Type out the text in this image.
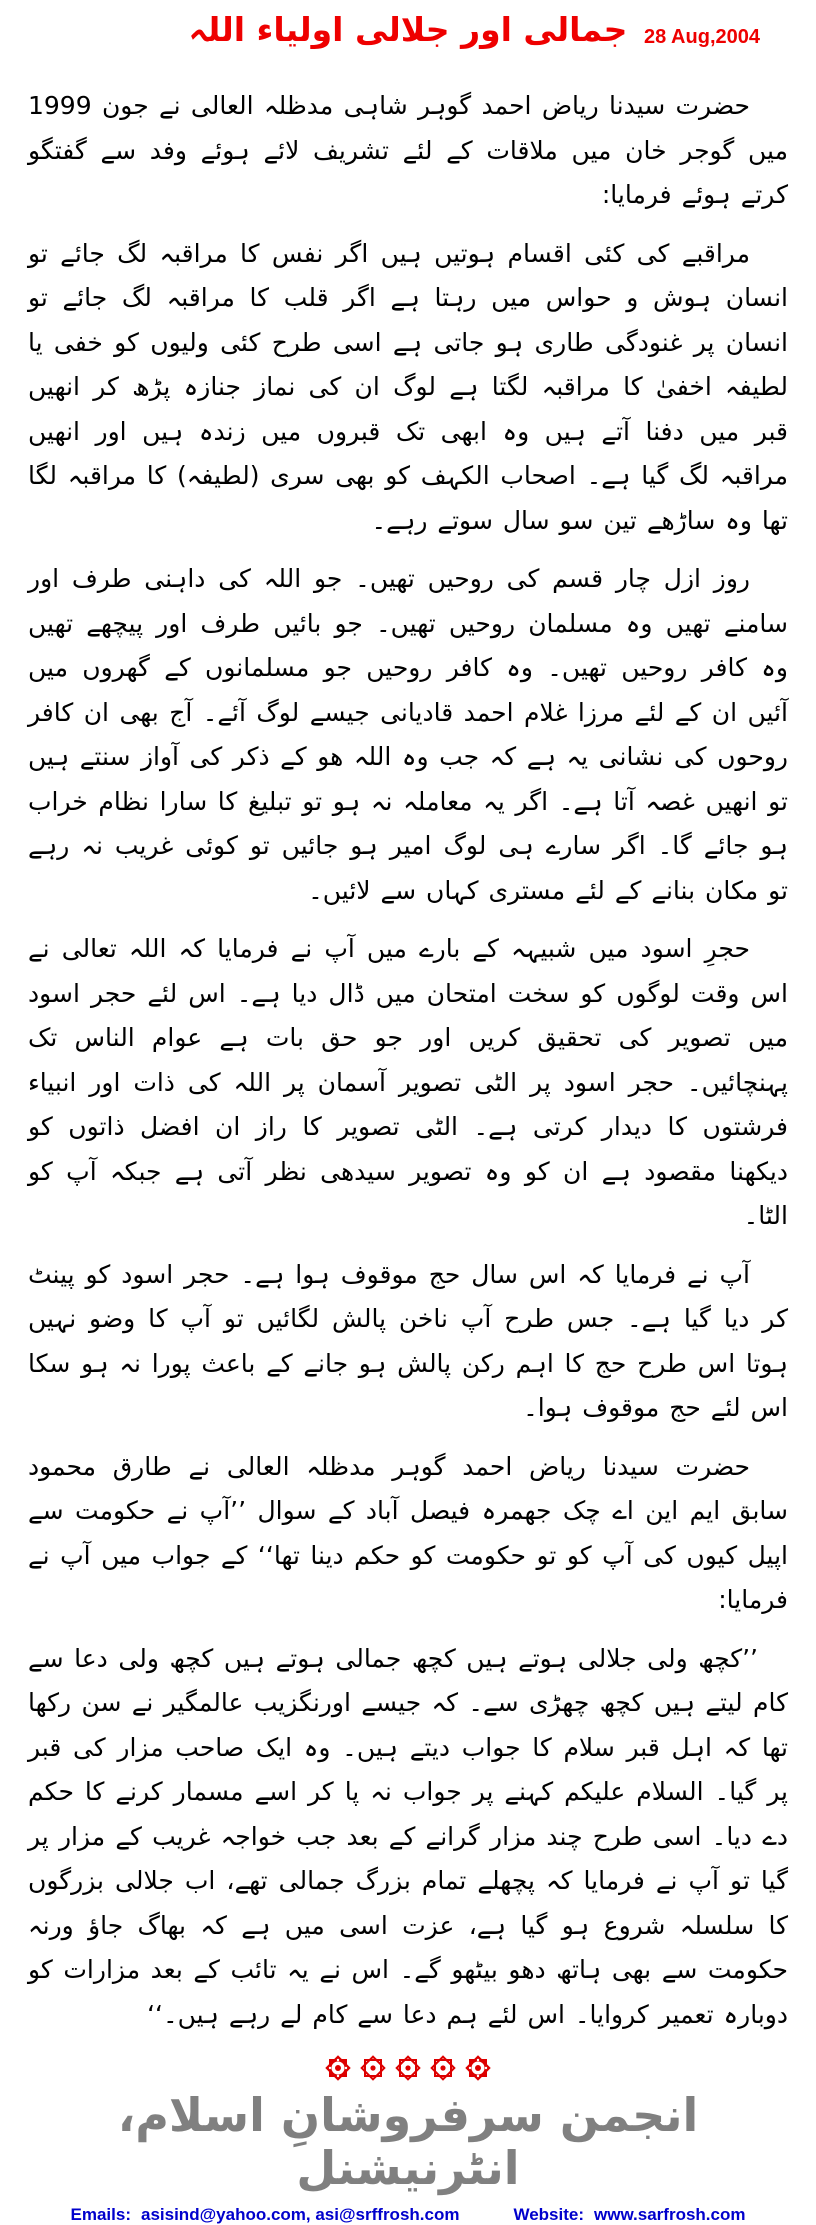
جمالی اور جلالی اولیاء اللہ 28 Aug,2004

حضرت سیدنا ریاض احمد گوہر شاہی مدظلہ العالی نے جون 1999 میں گوجر خان میں ملاقات کے لئے تشریف لائے ہوئے وفد سے گفتگو کرتے ہوئے فرمایا:

مراقبے کی کئی اقسام ہوتیں ہیں اگر نفس کا مراقبہ لگ جائے تو انسان ہوش و حواس میں رہتا ہے اگر قلب کا مراقبہ لگ جائے تو انسان پر غنودگی طاری ہو جاتی ہے اسی طرح کئی ولیوں کو خفی یا لطیفہ اخفیٰ کا مراقبہ لگتا ہے لوگ ان کی نماز جنازہ پڑھ کر انھیں قبر میں دفنا آتے ہیں وہ ابھی تک قبروں میں زندہ ہیں اور انھیں مراقبہ لگ گیا ہے۔ اصحاب الکہف کو بھی سری (لطیفہ) کا مراقبہ لگا تھا وہ ساڑھے تین سو سال سوتے رہے۔

روز ازل چار قسم کی روحیں تھیں۔ جو اللہ کی داہنی طرف اور سامنے تھیں وہ مسلمان روحیں تھیں۔ جو بائیں طرف اور پیچھے تھیں وہ کافر روحیں تھیں۔ وہ کافر روحیں جو مسلمانوں کے گھروں میں آئیں ان کے لئے مرزا غلام احمد قادیانی جیسے لوگ آئے۔ آج بھی ان کافر روحوں کی نشانی یہ ہے کہ جب وہ اللہ ھو کے ذکر کی آواز سنتے ہیں تو انھیں غصہ آتا ہے۔ اگر یہ معاملہ نہ ہو تو تبلیغ کا سارا نظام خراب ہو جائے گا۔ اگر سارے ہی لوگ امیر ہو جائیں تو کوئی غریب نہ رہے تو مکان بنانے کے لئے مستری کہاں سے لائیں۔

حجرِ اسود میں شبیہہ کے بارے میں آپ نے فرمایا کہ اللہ تعالی نے اس وقت لوگوں کو سخت امتحان میں ڈال دیا ہے۔ اس لئے حجر اسود میں تصویر کی تحقیق کریں اور جو حق بات ہے عوام الناس تک پہنچائیں۔ حجر اسود پر الٹی تصویر آسمان پر اللہ کی ذات اور انبیاء فرشتوں کا دیدار کرتی ہے۔ الٹی تصویر کا راز ان افضل ذاتوں کو دیکھنا مقصود ہے ان کو وہ تصویر سیدھی نظر آتی ہے جبکہ آپ کو الٹا۔

آپ نے فرمایا کہ اس سال حج موقوف ہوا ہے۔ حجر اسود کو پینٹ کر دیا گیا ہے۔ جس طرح آپ ناخن پالش لگائیں تو آپ کا وضو نہیں ہوتا اس طرح حج کا اہم رکن پالش ہو جانے کے باعث پورا نہ ہو سکا اس لئے حج موقوف ہوا۔

حضرت سیدنا ریاض احمد گوہر مدظلہ العالی نے طارق محمود سابق ایم این اے چک جھمرہ فیصل آباد کے سوال ’’آپ نے حکومت سے اپیل کیوں کی آپ کو تو حکومت کو حکم دینا تھا‘‘ کے جواب میں آپ نے فرمایا:

’’کچھ ولی جلالی ہوتے ہیں کچھ جمالی ہوتے ہیں کچھ ولی دعا سے کام لیتے ہیں کچھ چھڑی سے۔ کہ جیسے اورنگزیب عالمگیر نے سن رکھا تھا کہ اہل قبر سلام کا جواب دیتے ہیں۔ وہ ایک صاحب مزار کی قبر پر گیا۔ السلام علیکم کہنے پر جواب نہ پا کر اسے مسمار کرنے کا حکم دے دیا۔ اسی طرح چند مزار گرانے کے بعد جب خواجہ غریب کے مزار پر گیا تو آپ نے فرمایا کہ پچھلے تمام بزرگ جمالی تھے، اب جلالی بزرگوں کا سلسلہ شروع ہو گیا ہے، عزت اسی میں ہے کہ بھاگ جاؤ ورنہ حکومت سے بھی ہاتھ دھو بیٹھو گے۔ اس نے یہ تائب کے بعد مزارات کو دوبارہ تعمیر کروایا۔ اس لئے ہم دعا سے کام لے رہے ہیں۔‘‘

انجمن سرفروشانِ اسلام، انٹرنیشنل
Emails: asisind@yahoo.com, asi@srffrosh.com	Website: www.sarfrosh.com
